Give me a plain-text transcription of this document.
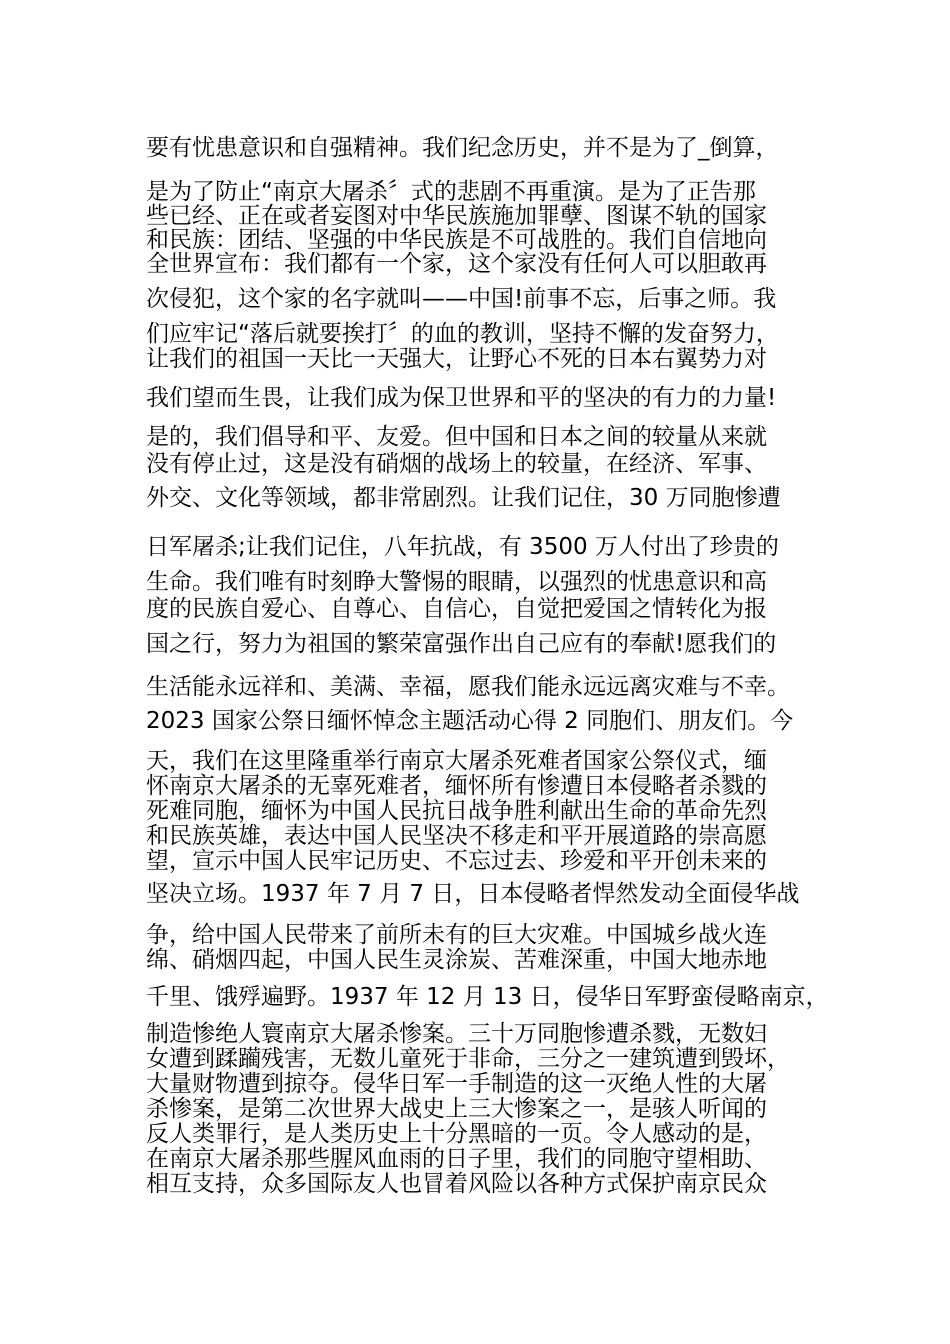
要有忧患意识和自强精神。我们纪念历史，并不是为了_倒算，
是为了防止“南京大屠杀〞式的悲剧不再重演。是为了正告那
些已经、正在或者妄图对中华民族施加罪孽、图谋不轨的国家
和民族：团结、坚强的中华民族是不可战胜的。我们自信地向
全世界宣布：我们都有一个家，这个家没有任何人可以胆敢再
次侵犯，这个家的名字就叫——中国!前事不忘，后事之师。我
们应牢记“落后就要挨打〞的血的教训，坚持不懈的发奋努力，
让我们的祖国一天比一天强大，让野心不死的日本右翼势力对
我们望而生畏，让我们成为保卫世界和平的坚决的有力的力量!
是的，我们倡导和平、友爱。但中国和日本之间的较量从来就
没有停止过，这是没有硝烟的战场上的较量，在经济、军事、
外交、文化等领域，都非常剧烈。让我们记住，30 万同胞惨遭
日军屠杀;让我们记住，八年抗战，有 3500 万人付出了珍贵的
生命。我们唯有时刻睁大警惕的眼睛，以强烈的忧患意识和高
度的民族自爱心、自尊心、自信心，自觉把爱国之情转化为报
国之行，努力为祖国的繁荣富强作出自己应有的奉献!愿我们的
生活能永远祥和、美满、幸福，愿我们能永远远离灾难与不幸。
2023 国家公祭日缅怀悼念主题活动心得 2 同胞们、朋友们。今
天，我们在这里隆重举行南京大屠杀死难者国家公祭仪式，缅
怀南京大屠杀的无辜死难者，缅怀所有惨遭日本侵略者杀戮的
死难同胞，缅怀为中国人民抗日战争胜利献出生命的革命先烈
和民族英雄，表达中国人民坚决不移走和平开展道路的崇高愿
望，宣示中国人民牢记历史、不忘过去、珍爱和平开创未来的
坚决立场。1937 年 7 月 7 日，日本侵略者悍然发动全面侵华战
争，给中国人民带来了前所未有的巨大灾难。中国城乡战火连
绵、硝烟四起，中国人民生灵涂炭、苦难深重，中国大地赤地
千里、饿殍遍野。1937 年 12 月 13 日，侵华日军野蛮侵略南京，
制造惨绝人寰南京大屠杀惨案。三十万同胞惨遭杀戮，无数妇
女遭到蹂躏残害，无数儿童死于非命，三分之一建筑遭到毁坏，
大量财物遭到掠夺。侵华日军一手制造的这一灭绝人性的大屠
杀惨案，是第二次世界大战史上三大惨案之一，是骇人听闻的
反人类罪行，是人类历史上十分黑暗的一页。令人感动的是，
在南京大屠杀那些腥风血雨的日子里，我们的同胞守望相助、
相互支持，众多国际友人也冒着风险以各种方式保护南京民众
